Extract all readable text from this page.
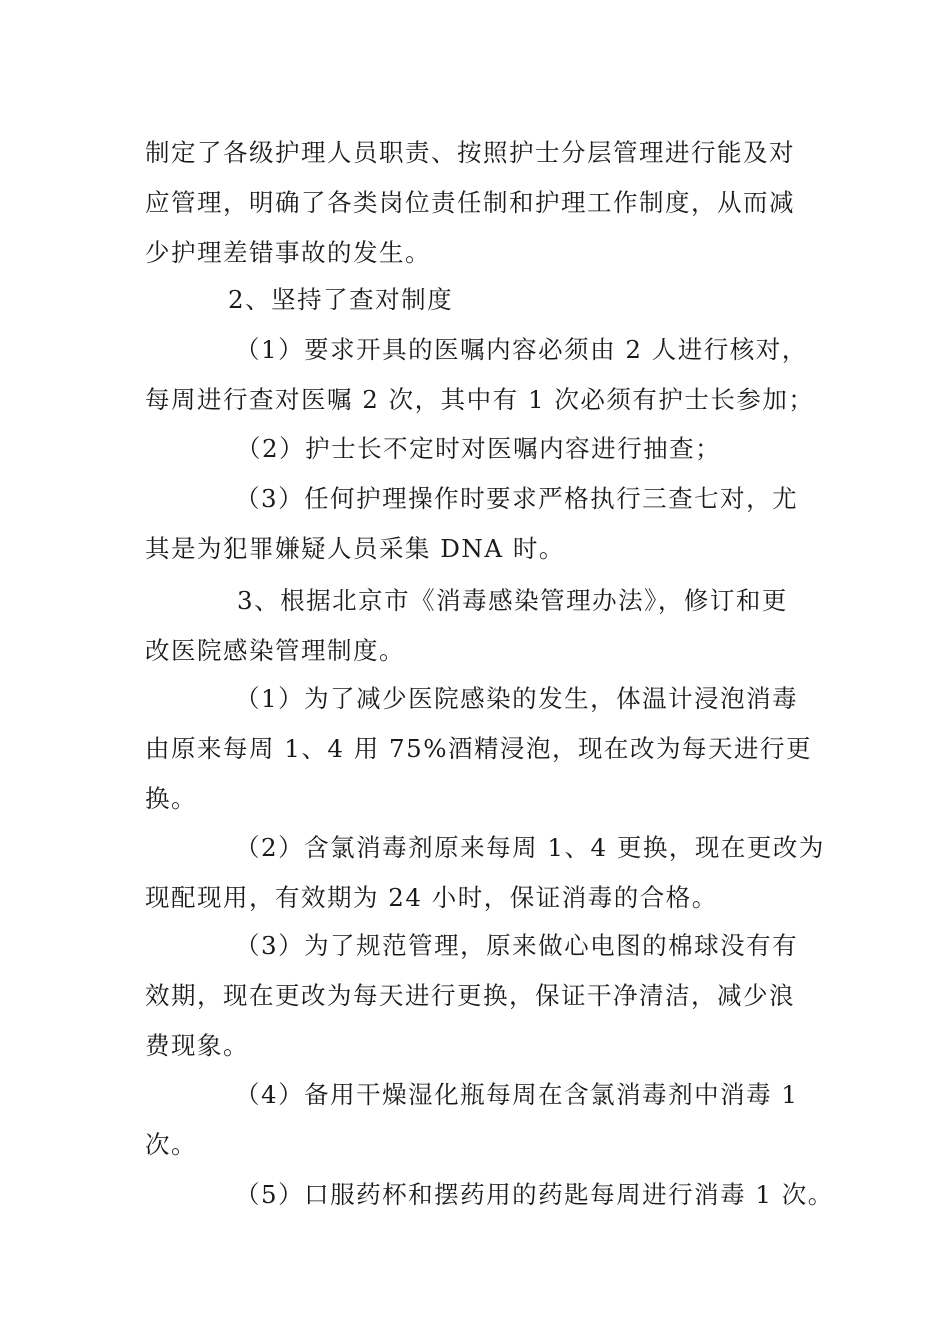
制定了各级护理人员职责、按照护士分层管理进行能及对
应管理，明确了各类岗位责任制和护理工作制度，从而减
少护理差错事故的发生。
2、坚持了查对制度
（1）要求开具的医嘱内容必须由 2 人进行核对，
每周进行查对医嘱 2 次，其中有 1 次必须有护士长参加；
（2）护士长不定时对医嘱内容进行抽查；
（3）任何护理操作时要求严格执行三查七对，尤
其是为犯罪嫌疑人员采集 DNA 时。
3、根据北京市《消毒感染管理办法》，修订和更
改医院感染管理制度。
（1）为了减少医院感染的发生，体温计浸泡消毒
由原来每周 1、4 用 75%酒精浸泡，现在改为每天进行更
换。
（2）含氯消毒剂原来每周 1、4 更换，现在更改为
现配现用，有效期为 24 小时，保证消毒的合格。
（3）为了规范管理，原来做心电图的棉球没有有
效期，现在更改为每天进行更换，保证干净清洁，减少浪
费现象。
（4）备用干燥湿化瓶每周在含氯消毒剂中消毒 1
次。
（5）口服药杯和摆药用的药匙每周进行消毒 1 次。
